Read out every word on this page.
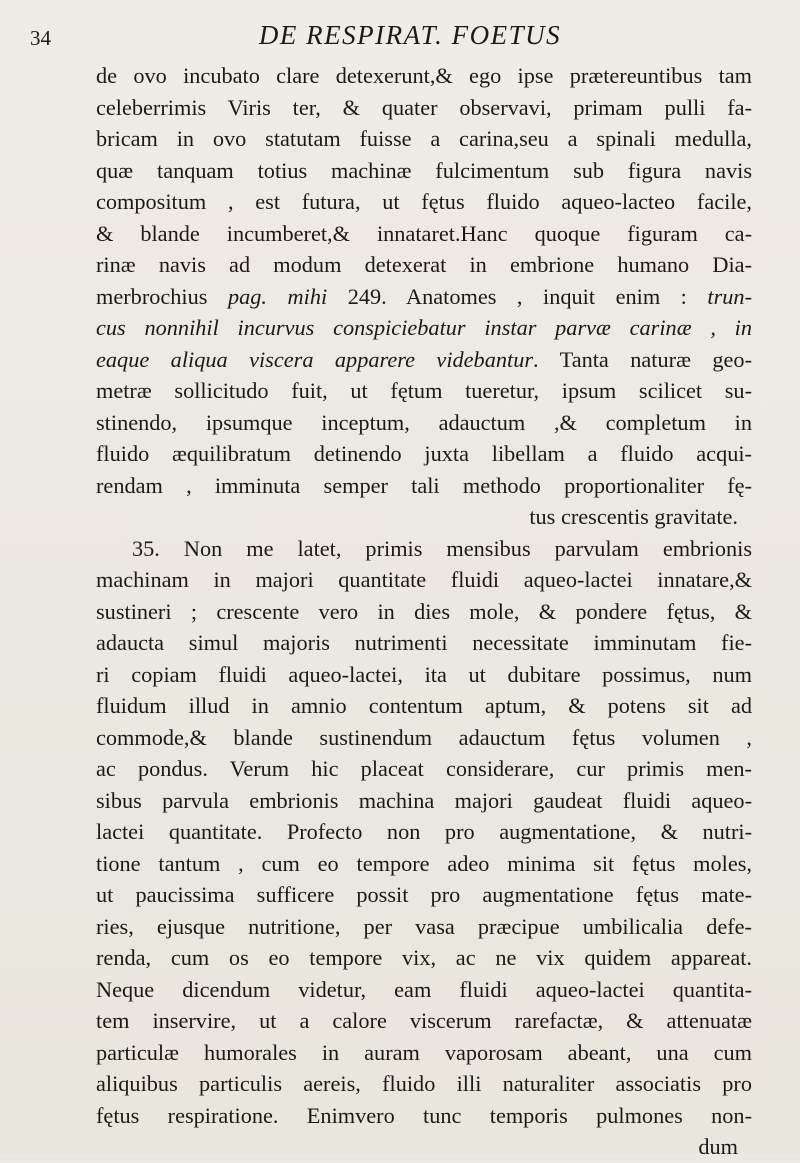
34	DE RESPIRAT. FOETUS
de ovo incubato clare detexerunt,& ego ipse prætereuntibus tam
celeberrimis Viris ter, & quater observavi, primam pulli fa-
bricam in ovo statutam fuisse a carina,seu a spinali medulla,
quæ tanquam totius machinæ fulcimentum sub figura navis
compositum , est futura, ut fętus fluido aqueo-lacteo facile,
& blande incumberet,& innataret.Hanc quoque figuram ca-
rinæ navis ad modum detexerat in embrione humano Dia-
merbrochius pag. mihi 249. Anatomes , inquit enim : trun-
cus nonnihil incurvus conspiciebatur instar parvæ carinæ , in
eaque aliqua viscera apparere videbantur. Tanta naturæ geo-
metræ sollicitudo fuit, ut fętum tueretur, ipsum scilicet su-
stinendo, ipsumque inceptum, adauctum ,& completum in
fluido æquilibratum detinendo juxta libellam a fluido acqui-
rendam , imminuta semper tali methodo proportionaliter fę-
tus crescentis gravitate.
35. Non me latet, primis mensibus parvulam embrionis
machinam in majori quantitate fluidi aqueo-lactei innatare,&
sustineri ; crescente vero in dies mole, & pondere fętus, &
adaucta simul majoris nutrimenti necessitate imminutam fie-
ri copiam fluidi aqueo-lactei, ita ut dubitare possimus, num
fluidum illud in amnio contentum aptum, & potens sit ad
commode,& blande sustinendum adauctum fętus volumen ,
ac pondus. Verum hic placeat considerare, cur primis men-
sibus parvula embrionis machina majori gaudeat fluidi aqueo-
lactei quantitate. Profecto non pro augmentatione, & nutri-
tione tantum , cum eo tempore adeo minima sit fętus moles,
ut paucissima sufficere possit pro augmentatione fętus mate-
ries, ejusque nutritione, per vasa præcipue umbilicalia defe-
renda, cum os eo tempore vix, ac ne vix quidem appareat.
Neque dicendum videtur, eam fluidi aqueo-lactei quantita-
tem inservire, ut a calore viscerum rarefactæ, & attenuatæ
particulæ humorales in auram vaporosam abeant, una cum
aliquibus particulis aereis, fluido illi naturaliter associatis pro
fętus respiratione. Enimvero tunc temporis pulmones non-
dum
